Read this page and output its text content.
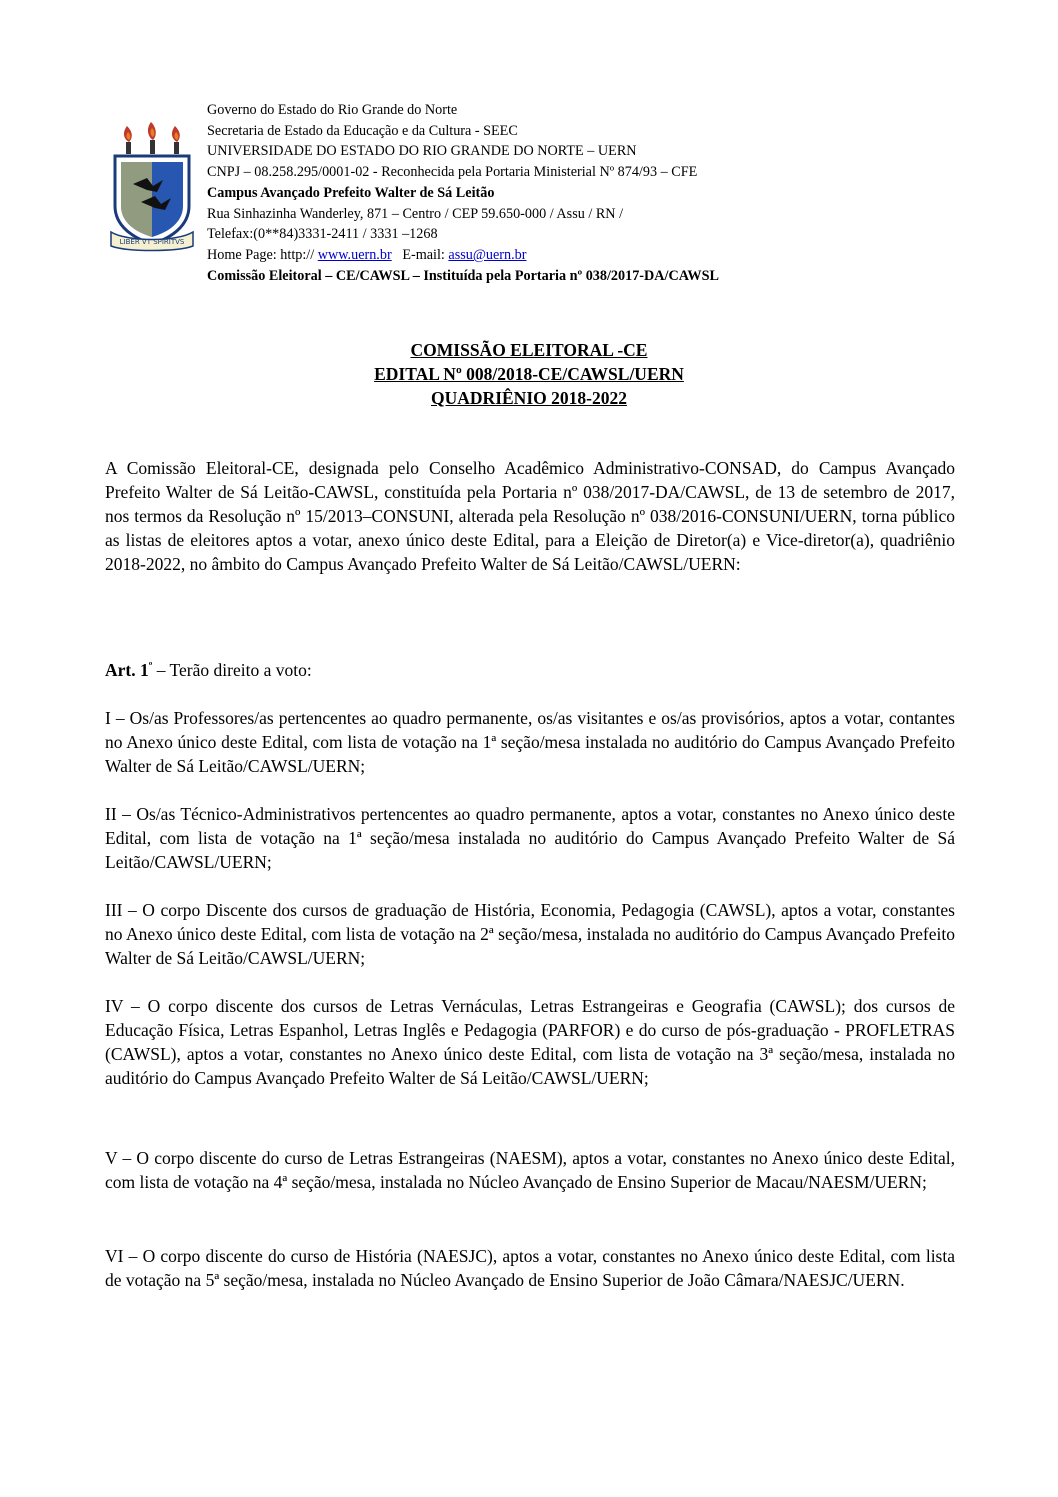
LIBER VT SPIRITVS
Governo do Estado do Rio Grande do Norte
Secretaria de Estado da Educação e da Cultura - SEEC
UNIVERSIDADE DO ESTADO DO RIO GRANDE DO NORTE – UERN
CNPJ – 08.258.295/0001-02 - Reconhecida pela Portaria Ministerial Nº 874/93 – CFE
Campus Avançado Prefeito Walter de Sá Leitão
Rua Sinhazinha Wanderley, 871 – Centro / CEP 59.650-000 / Assu / RN /
Telefax:(0**84)3331-2411 / 3331 –1268
Home Page: http:// www.uern.br E-mail: assu@uern.br
Comissão Eleitoral – CE/CAWSL – Instituída pela Portaria nº 038/2017-DA/CAWSL
COMISSÃO ELEITORAL -CE
EDITAL Nº 008/2018-CE/CAWSL/UERN
QUADRIÊNIO 2018-2022
A Comissão Eleitoral-CE, designada pelo Conselho Acadêmico Administrativo-CONSAD, do Campus Avançado Prefeito Walter de Sá Leitão-CAWSL, constituída pela Portaria nº 038/2017-DA/CAWSL, de 13 de setembro de 2017, nos termos da Resolução nº 15/2013–CONSUNI, alterada pela Resolução nº 038/2016-CONSUNI/UERN, torna público as listas de eleitores aptos a votar, anexo único deste Edital, para a Eleição de Diretor(a) e Vice-diretor(a), quadriênio 2018-2022, no âmbito do Campus Avançado Prefeito Walter de Sá Leitão/CAWSL/UERN:
Art. $1^º$ – Terão direito a voto:
I – Os/as Professores/as pertencentes ao quadro permanente, os/as visitantes e os/as provisórios, aptos a votar, contantes no Anexo único deste Edital, com lista de votação na 1ª seção/mesa instalada no auditório do Campus Avançado Prefeito Walter de Sá Leitão/CAWSL/UERN;
II – Os/as Técnico-Administrativos pertencentes ao quadro permanente, aptos a votar, constantes no Anexo único deste Edital, com lista de votação na 1ª seção/mesa instalada no auditório do Campus Avançado Prefeito Walter de Sá Leitão/CAWSL/UERN;
III – O corpo Discente dos cursos de graduação de História, Economia, Pedagogia (CAWSL), aptos a votar, constantes no Anexo único deste Edital, com lista de votação na 2ª seção/mesa, instalada no auditório do Campus Avançado Prefeito Walter de Sá Leitão/CAWSL/UERN;
IV – O corpo discente dos cursos de Letras Vernáculas, Letras Estrangeiras e Geografia (CAWSL); dos cursos de Educação Física, Letras Espanhol, Letras Inglês e Pedagogia (PARFOR) e do curso de pós-graduação - PROFLETRAS (CAWSL), aptos a votar, constantes no Anexo único deste Edital, com lista de votação na 3ª seção/mesa, instalada no auditório do Campus Avançado Prefeito Walter de Sá Leitão/CAWSL/UERN;
V – O corpo discente do curso de Letras Estrangeiras (NAESM), aptos a votar, constantes no Anexo único deste Edital, com lista de votação na 4ª seção/mesa, instalada no Núcleo Avançado de Ensino Superior de Macau/NAESM/UERN;
VI – O corpo discente do curso de História (NAESJC), aptos a votar, constantes no Anexo único deste Edital, com lista de votação na 5ª seção/mesa, instalada no Núcleo Avançado de Ensino Superior de João Câmara/NAESJC/UERN.
